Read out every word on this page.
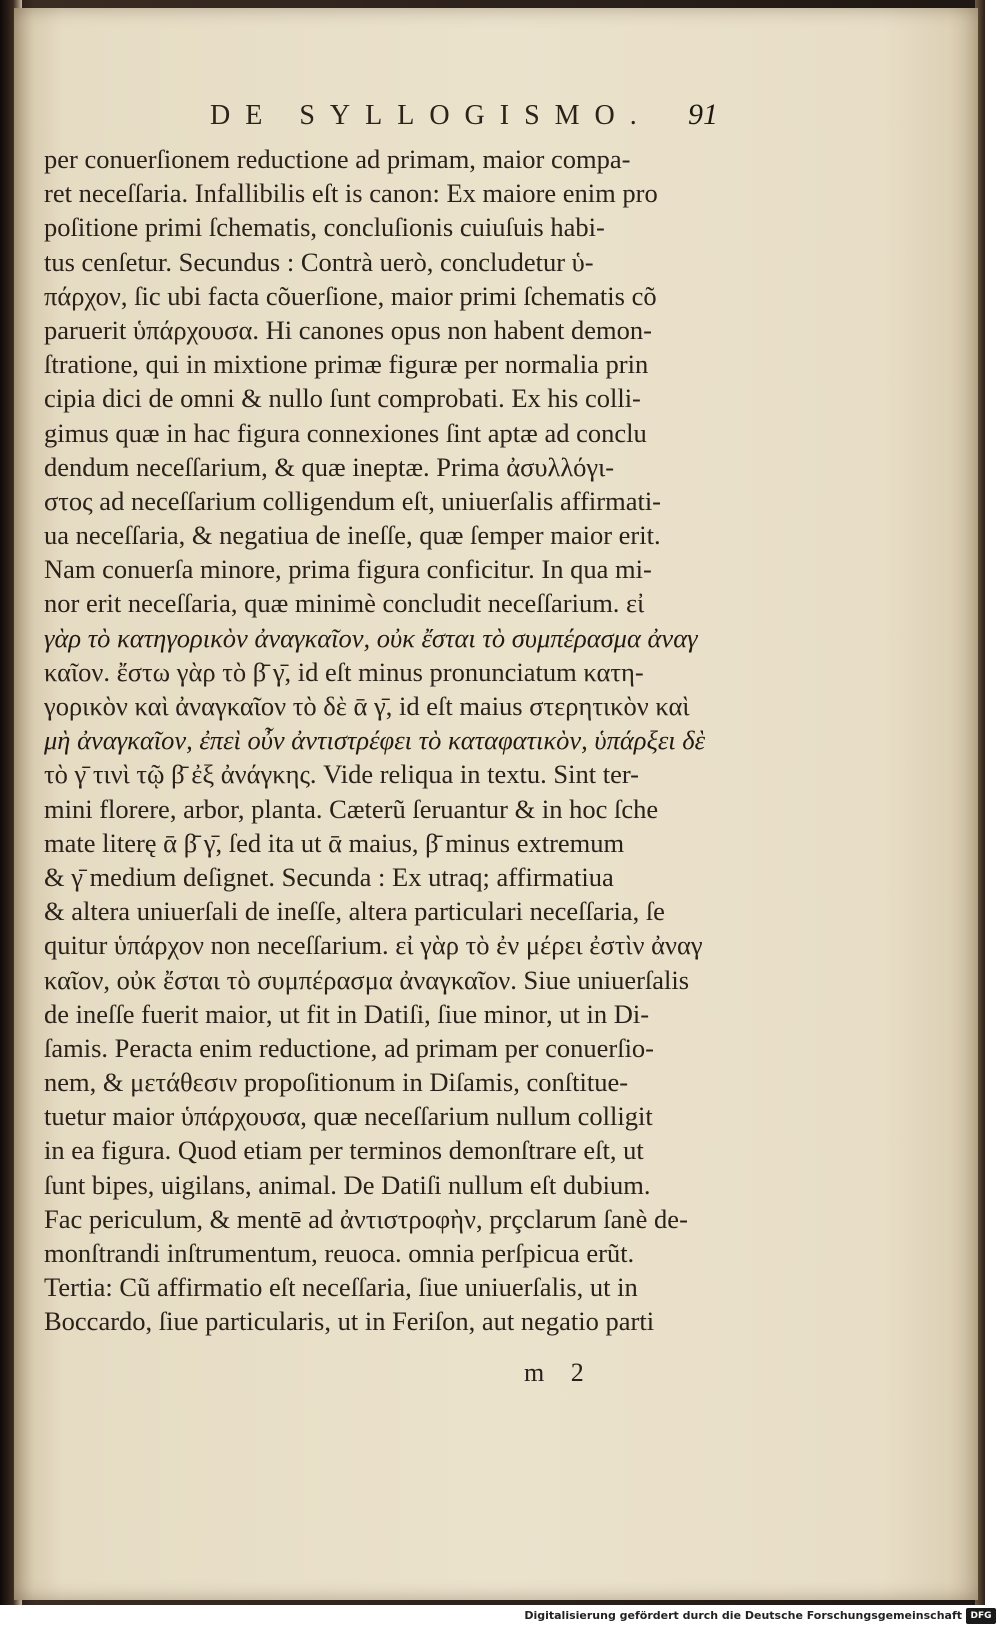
DE SYLLOGISMO. 91
per conuerſionem reductione ad primam, maior compa-
ret neceſſaria. Infallibilis eſt is canon: Ex maiore enim pro
poſitione primi ſchematis, concluſionis cuiuſuis habi-
tus cenſetur. Secundus : Contrà uerò, concludetur ὑ-
πάρχον, ſic ubi facta cõuerſione, maior primi ſchematis cõ
paruerit ὑπάρχουσα. Hi canones opus non habent demon-
ſtratione, qui in mixtione primæ figuræ per normalia prin
cipia dici de omni & nullo ſunt comprobati. Ex his colli-
gimus quæ in hac figura connexiones ſint aptæ ad conclu
dendum neceſſarium, & quæ ineptæ. Prima ἀσυλλόγι-
στος ad neceſſarium colligendum eſt, uniuerſalis affirmati-
ua neceſſaria, & negatiua de ineſſe, quæ ſemper maior erit.
Nam conuerſa minore, prima figura conficitur. In qua mi-
nor erit neceſſaria, quæ minimè concludit neceſſarium. εἰ
γὰρ τὸ κατηγορικὸν ἀναγκαῖον, οὐκ ἔσται τὸ συμπέρασμα ἀναγ
καῖον. ἔστω γὰρ τὸ β̄ γ̄, id eſt minus pronunciatum κατη-
γορικὸν καὶ ἀναγκαῖον τὸ δὲ ᾱ γ̄, id eſt maius στερητικὸν καὶ
μὴ ἀναγκαῖον, ἐπεὶ οὖν ἀντιστρέφει τὸ καταφατικὸν, ὑπάρξει δὲ
τὸ γ̄ τινὶ τῷ β̄ ἐξ ἀνάγκης. Vide reliqua in textu. Sint ter-
mini florere, arbor, planta. Cæterũ ſeruantur & in hoc ſche
mate literę ᾱ β̄ γ̄, ſed ita ut ᾱ maius, β̄ minus extremum
& γ̄ medium deſignet. Secunda : Ex utraq; affirmatiua
& altera uniuerſali de ineſſe, altera particulari neceſſaria, ſe
quitur ὑπάρχον non neceſſarium. εἰ γὰρ τὸ ἐν μέρει ἐστὶν ἀναγ
καῖον, οὐκ ἔσται τὸ συμπέρασμα ἀναγκαῖον. Siue uniuerſalis
de ineſſe fuerit maior, ut fit in Datiſi, ſiue minor, ut in Di-
ſamis. Peracta enim reductione, ad primam per conuerſio-
nem, & μετάθεσιν propoſitionum in Diſamis, conſtitue-
tuetur maior ὑπάρχουσα, quæ neceſſarium nullum colligit
in ea figura. Quod etiam per terminos demonſtrare eſt, ut
ſunt bipes, uigilans, animal. De Datiſi nullum eſt dubium.
Fac periculum, & mentē ad ἀντιστροφὴν, prçclarum ſanè de-
monſtrandi inſtrumentum, reuoca. omnia perſpicua erũt.
Tertia: Cũ affirmatio eſt neceſſaria, ſiue uniuerſalis, ut in
Boccardo, ſiue particularis, ut in Feriſon, aut negatio parti
m 2
Digitalisierung gefördert durch die Deutsche Forschungsgemeinschaft DFG
